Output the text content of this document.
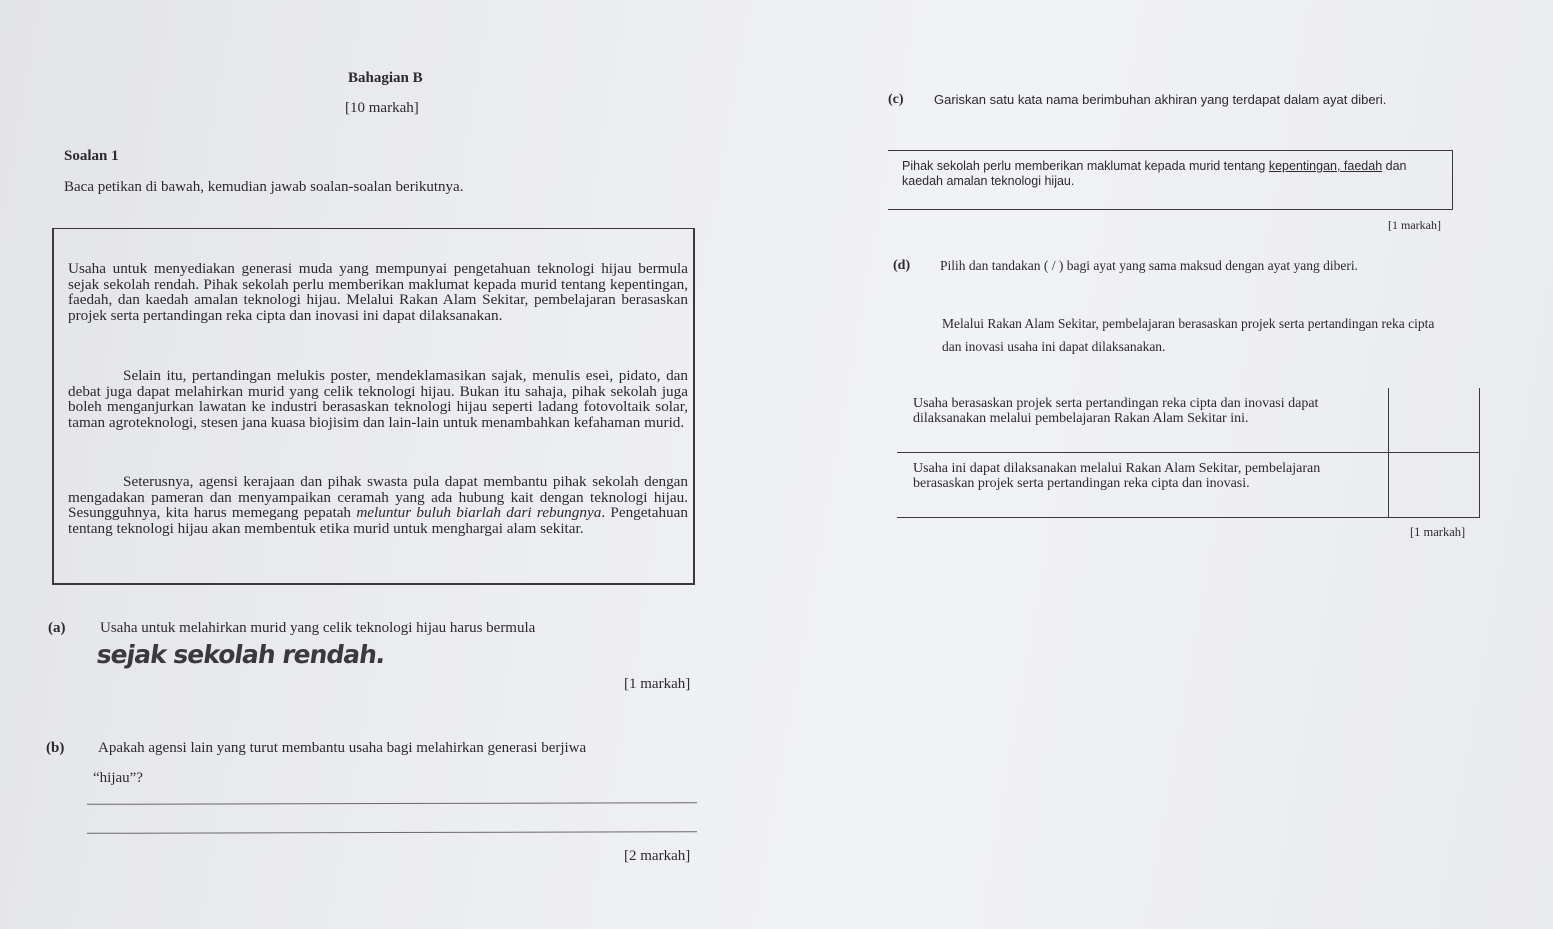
Bahagian B
[10 markah]
Soalan 1
Baca petikan di bawah, kemudian jawab soalan-soalan berikutnya.
Usaha untuk menyediakan generasi muda yang mempunyai pengetahuan teknologi hijau bermula sejak sekolah rendah. Pihak sekolah perlu memberikan maklumat kepada murid tentang kepentingan, faedah, dan kaedah amalan teknologi hijau. Melalui Rakan Alam Sekitar, pembelajaran berasaskan projek serta pertandingan reka cipta dan inovasi ini dapat dilaksanakan.
Selain itu, pertandingan melukis poster, mendeklamasikan sajak, menulis esei, pidato, dan debat juga dapat melahirkan murid yang celik teknologi hijau. Bukan itu sahaja, pihak sekolah juga boleh menganjurkan lawatan ke industri berasaskan teknologi hijau seperti ladang fotovoltaik solar, taman agroteknologi, stesen jana kuasa biojisim dan lain-lain untuk menambahkan kefahaman murid.
Seterusnya, agensi kerajaan dan pihak swasta pula dapat membantu pihak sekolah dengan mengadakan pameran dan menyampaikan ceramah yang ada hubung kait dengan teknologi hijau. Sesungguhnya, kita harus memegang pepatah meluntur buluh biarlah dari rebungnya. Pengetahuan tentang teknologi hijau akan membentuk etika murid untuk menghargai alam sekitar.
(a) Usaha untuk melahirkan murid yang celik teknologi hijau harus bermula
sejak sekolah rendah.
[1 markah]
(b) Apakah agensi lain yang turut membantu usaha bagi melahirkan generasi berjiwa
“hijau”?
[2 markah]
(c) Gariskan satu kata nama berimbuhan akhiran yang terdapat dalam ayat diberi.
Pihak sekolah perlu memberikan maklumat kepada murid tentang kepentingan, faedah dan kaedah amalan teknologi hijau.
[1 markah]
(d) Pilih dan tandakan ( / ) bagi ayat yang sama maksud dengan ayat yang diberi.
Melalui Rakan Alam Sekitar, pembelajaran berasaskan projek serta pertandingan reka cipta dan inovasi usaha ini dapat dilaksanakan.
Usaha berasaskan projek serta pertandingan reka cipta dan inovasi dapat dilaksanakan melalui pembelajaran Rakan Alam Sekitar ini.	
Usaha ini dapat dilaksanakan melalui Rakan Alam Sekitar, pembelajaran berasaskan projek serta pertandingan reka cipta dan inovasi.	
[1 markah]
